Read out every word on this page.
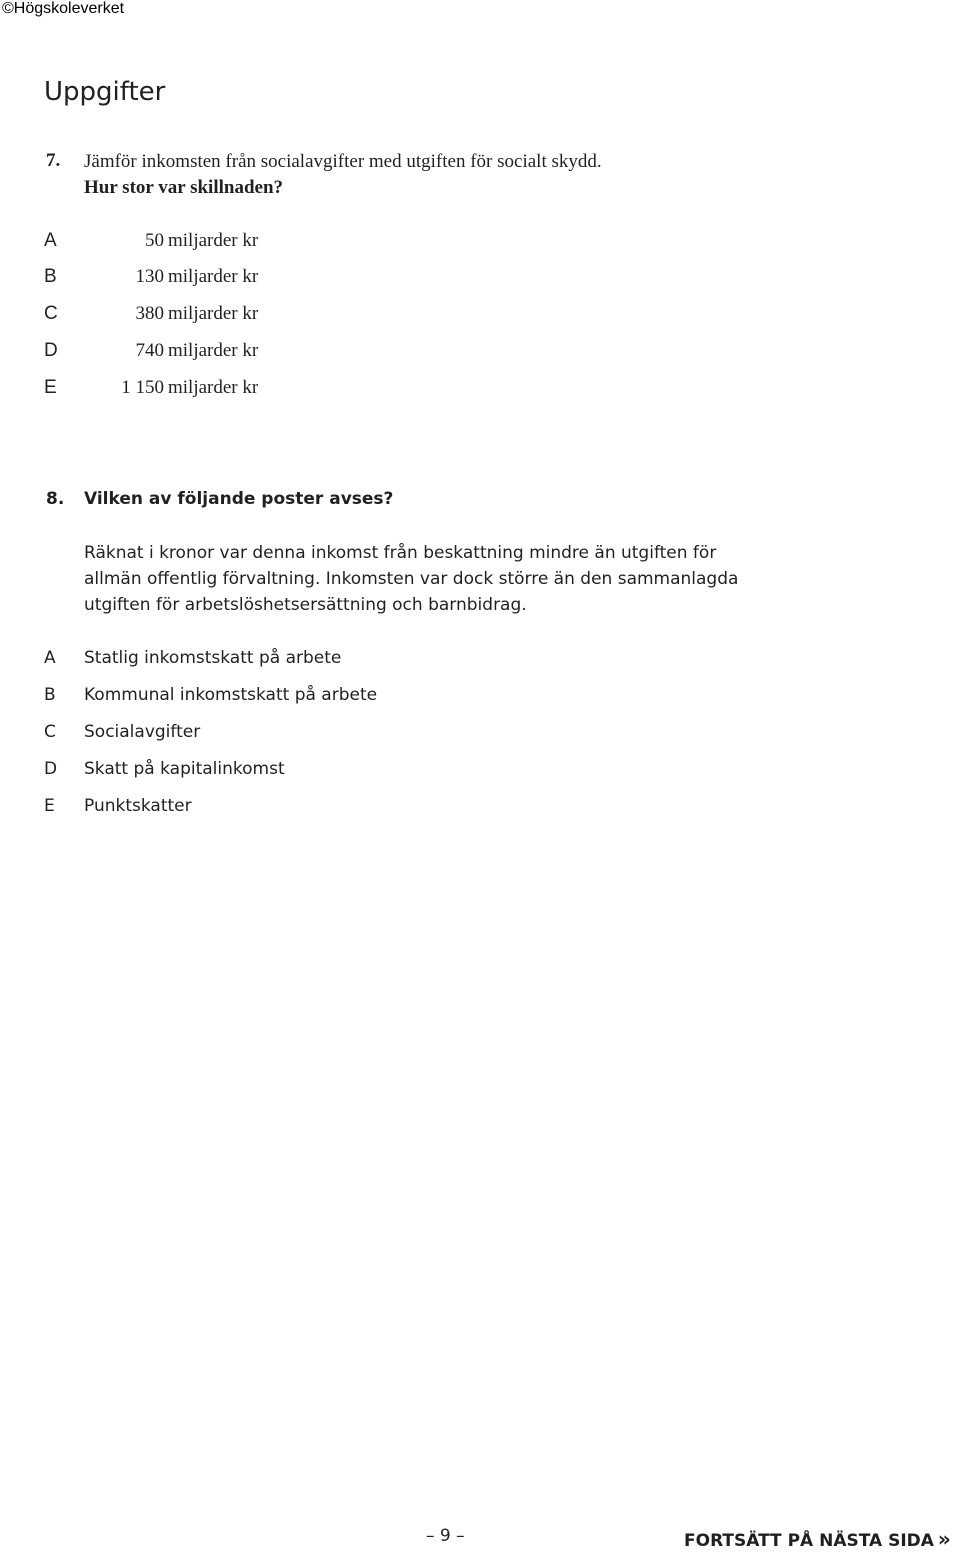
©Högskoleverket
Uppgifter
7. Jämför inkomsten från socialavgifter med utgiften för socialt skydd.
Hur stor var skillnaden?
A	50 miljarder kr
B	130 miljarder kr
C	380 miljarder kr
D	740 miljarder kr
E	1 150 miljarder kr
8. Vilken av följande poster avses?

Räknat i kronor var denna inkomst från beskattning mindre än utgiften för
allmän offentlig förvaltning. Inkomsten var dock större än den sammanlagda
utgiften för arbetslöshetsersättning och barnbidrag.

A Statlig inkomstskatt på arbete
B Kommunal inkomstskatt på arbete
C Socialavgifter
D Skatt på kapitalinkomst
E Punktskatter
– 9 –	FORTSÄTT PÅ NÄSTA SIDA »
